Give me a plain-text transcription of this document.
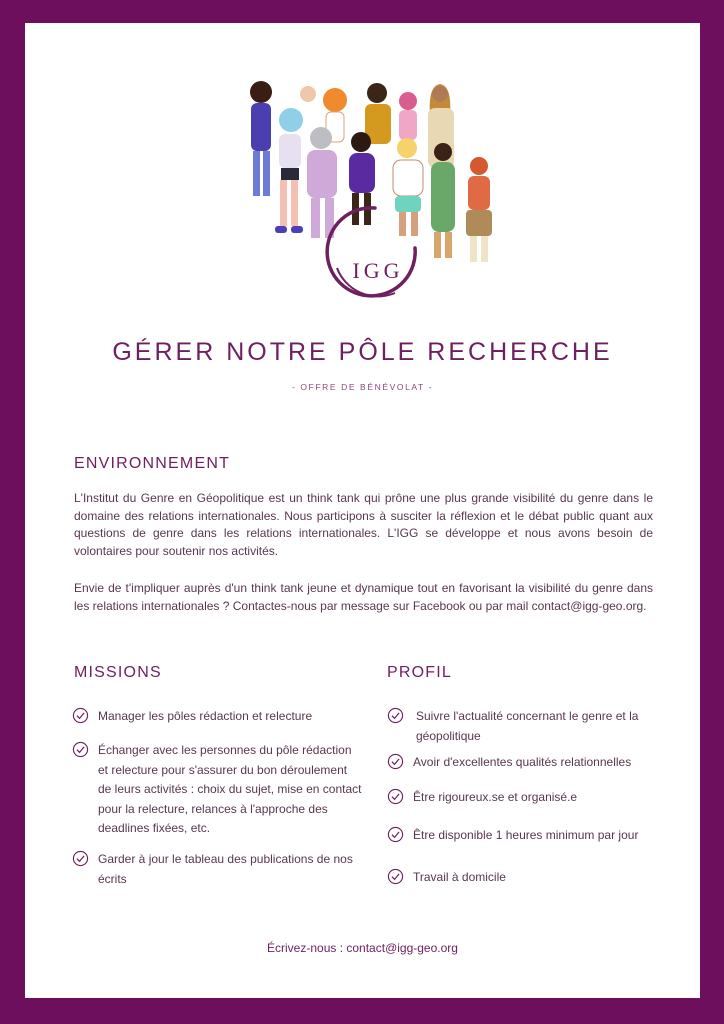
IGG
GÉRER NOTRE PÔLE RECHERCHE
- OFFRE DE BÉNÉVOLAT -
ENVIRONNEMENT
L'Institut du Genre en Géopolitique est un think tank qui prône une plus grande visibilité du genre dans le domaine des relations internationales. Nous participons à susciter la réflexion et le débat public quant aux questions de genre dans les relations internationales. L'IGG se développe et nous avons besoin de volontaires pour soutenir nos activités.
Envie de t'impliquer auprès d'un think tank jeune et dynamique tout en favorisant la visibilité du genre dans les relations internationales ? Contactes-nous par message sur Facebook ou par mail contact@igg-geo.org.
MISSIONS	PROFIL
Manager les pôles rédaction et relecture
Échanger avec les personnes du pôle rédaction et relecture pour s'assurer du bon déroulement de leurs activités : choix du sujet, mise en contact pour la relecture, relances à l'approche des deadlines fixées, etc.
Garder à jour le tableau des publications de nos écrits
Suivre l'actualité concernant le genre et la géopolitique
Avoir d'excellentes qualités relationnelles
Être rigoureux.se et organisé.e
Être disponible 1 heures minimum par jour
Travail à domicile
Écrivez-nous : contact@igg-geo.org
